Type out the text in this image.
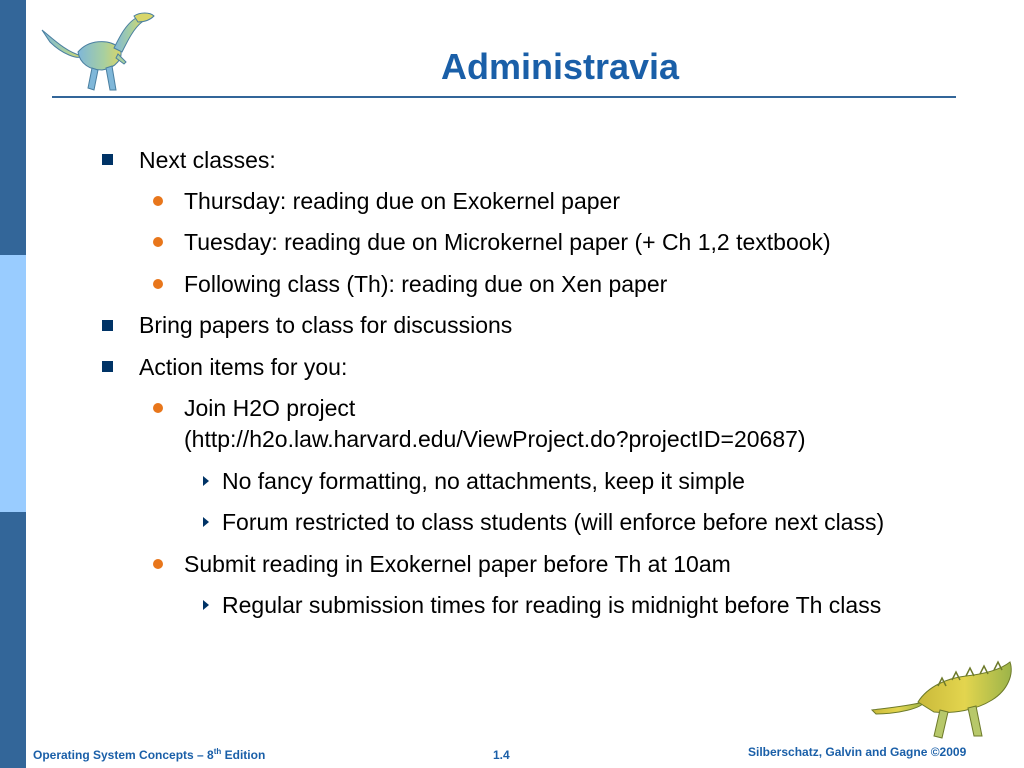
Administravia
Next classes:
Thursday: reading due on Exokernel paper
Tuesday: reading due on Microkernel paper (+ Ch 1,2 textbook)
Following class (Th): reading due on Xen paper
Bring papers to class for discussions
Action items for you:
Join H2O project
(http://h2o.law.harvard.edu/ViewProject.do?projectID=20687)
No fancy formatting, no attachments, keep it simple
Forum restricted to class students (will enforce before next class)
Submit reading in Exokernel paper before Th at 10am
Regular submission times for reading is midnight before Th class
Operating System Concepts – 8th Edition	1.4	Silberschatz, Galvin and Gagne ©2009
